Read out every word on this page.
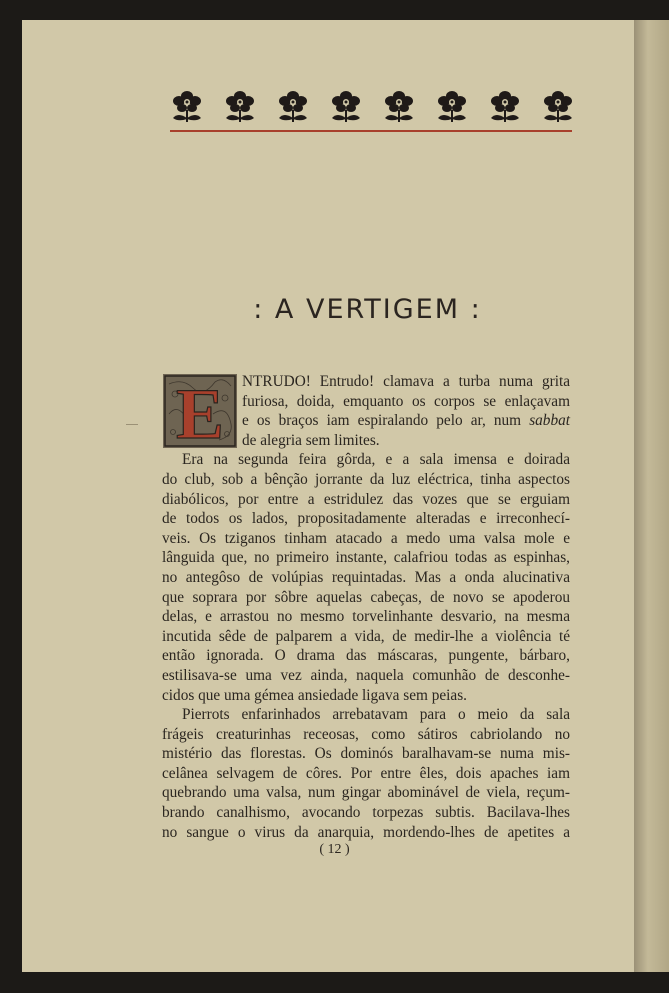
: A VERTIGEM :
E	NTRUDO! Entrudo! clamava a turba numa grita
furiosa, doida, emquanto os corpos se enlaçavam
e os braços iam espiralando pelo ar, num sabbat
de alegria sem limites.

Era na segunda feira gôrda, e a sala imensa e doirada
do club, sob a bênção jorrante da luz eléctrica, tinha aspectos
diabólicos, por entre a estridulez das vozes que se erguiam
de todos os lados, propositadamente alteradas e irreconhecí-
veis. Os tziganos tinham atacado a medo uma valsa mole e
lânguida que, no primeiro instante, calafriou todas as espinhas,
no antegôso de volúpias requintadas. Mas a onda alucinativa
que soprara por sôbre aquelas cabeças, de novo se apoderou
delas, e arrastou no mesmo torvelinhante desvario, na mesma
incutida sêde de palparem a vida, de medir-lhe a violência té
então ignorada. O drama das máscaras, pungente, bárbaro,
estilisava-se uma vez ainda, naquela comunhão de desconhe-
cidos que uma gémea ansiedade ligava sem peias.

Pierrots enfarinhados arrebatavam para o meio da sala
frágeis creaturinhas receosas, como sátiros cabriolando no
mistério das florestas. Os dominós baralhavam-se numa mis-
celânea selvagem de côres. Por entre êles, dois apaches iam
quebrando uma valsa, num gingar abominável de viela, reçum-
brando canalhismo, avocando torpezas subtis. Bacilava-lhes
no sangue o virus da anarquia, mordendo-lhes de apetites a

( 12 )
